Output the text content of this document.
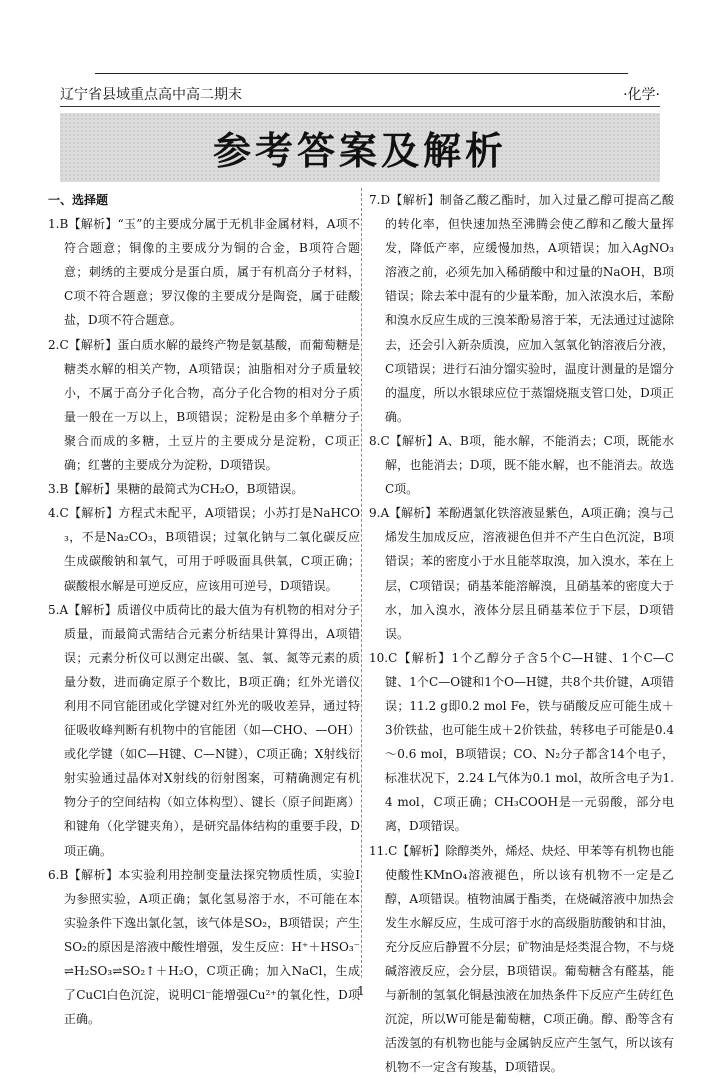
辽宁省县域重点高中高二期末	·化学·
参考答案及解析
一、选择题

1.B【解析】“玉”的主要成分属于无机非金属材料，A项不符合题意；铜像的主要成分为铜的合金，B项符合题意；刺绣的主要成分是蛋白质，属于有机高分子材料，C项不符合题意；罗汉像的主要成分是陶瓷，属于硅酸盐，D项不符合题意。

2.C【解析】蛋白质水解的最终产物是氨基酸，而葡萄糖是糖类水解的相关产物，A项错误；油脂相对分子质量较小，不属于高分子化合物，高分子化合物的相对分子质量一般在一万以上，B项错误；淀粉是由多个单糖分子聚合而成的多糖，土豆片的主要成分是淀粉，C项正确；红薯的主要成分为淀粉，D项错误。

3.B【解析】果糖的最简式为CH₂O，B项错误。

4.C【解析】方程式未配平，A项错误；小苏打是NaHCO₃，不是Na₂CO₃，B项错误；过氧化钠与二氧化碳反应生成碳酸钠和氧气，可用于呼吸面具供氧，C项正确；碳酸根水解是可逆反应，应该用可逆号，D项错误。

5.A【解析】质谱仪中质荷比的最大值为有机物的相对分子质量，而最简式需结合元素分析结果计算得出，A项错误；元素分析仪可以测定出碳、氢、氧、氮等元素的质量分数，进而确定原子个数比，B项正确；红外光谱仪利用不同官能团或化学键对红外光的吸收差异，通过特征吸收峰判断有机物中的官能团（如—CHO、—OH）或化学键（如C—H键、C—N键），C项正确；X射线衍射实验通过晶体对X射线的衍射图案，可精确测定有机物分子的空间结构（如立体构型）、键长（原子间距离）和键角（化学键夹角），是研究晶体结构的重要手段，D项正确。

6.B【解析】本实验利用控制变量法探究物质性质，实验Ⅰ为参照实验，A项正确；氯化氢易溶于水，不可能在本实验条件下逸出氯化氢，该气体是SO₂，B项错误；产生SO₂的原因是溶液中酸性增强，发生反应：H⁺＋HSO₃⁻⇌H₂SO₃⇌SO₂↑＋H₂O，C项正确；加入NaCl，生成了CuCl白色沉淀，说明Cl⁻能增强Cu²⁺的氧化性，D项正确。

7.D【解析】制备乙酸乙酯时，加入过量乙醇可提高乙酸的转化率，但快速加热至沸腾会使乙醇和乙酸大量挥发，降低产率，应缓慢加热，A项错误；加入AgNO₃溶液之前，必须先加入稀硝酸中和过量的NaOH，B项错误；除去苯中混有的少量苯酚，加入浓溴水后，苯酚和溴水反应生成的三溴苯酚易溶于苯，无法通过过滤除去，还会引入新杂质溴，应加入氢氧化钠溶液后分液，C项错误；进行石油分馏实验时，温度计测量的是馏分的温度，所以水银球应位于蒸馏烧瓶支管口处，D项正确。

8.C【解析】A、B项，能水解，不能消去；C项，既能水解，也能消去；D项，既不能水解，也不能消去。故选C项。

9.A【解析】苯酚遇氯化铁溶液显紫色，A项正确；溴与己烯发生加成反应，溶液褪色但并不产生白色沉淀，B项错误；苯的密度小于水且能萃取溴，加入溴水，苯在上层，C项错误；硝基苯能溶解溴，且硝基苯的密度大于水，加入溴水，液体分层且硝基苯位于下层，D项错误。

10.C【解析】1个乙醇分子含5个C—H键、1个C—C键、1个C—O键和1个O—H键，共8个共价键，A项错误；11.2 g即0.2 mol Fe，铁与硝酸反应可能生成＋3价铁盐，也可能生成＋2价铁盐，转移电子可能是0.4～0.6 mol，B项错误；CO、N₂分子都含14个电子，标准状况下，2.24 L气体为0.1 mol，故所含电子为1.4 mol，C项正确；CH₃COOH是一元弱酸，部分电离，D项错误。

11.C【解析】除醇类外，烯烃、炔烃、甲苯等有机物也能使酸性KMnO₄溶液褪色，所以该有机物不一定是乙醇，A项错误。植物油属于酯类，在烧碱溶液中加热会发生水解反应，生成可溶于水的高级脂肪酸钠和甘油，充分反应后静置不分层；矿物油是烃类混合物，不与烧碱溶液反应，会分层，B项错误。葡萄糖含有醛基，能与新制的氢氧化铜悬浊液在加热条件下反应产生砖红色沉淀，所以W可能是葡萄糖，C项正确。醇、酚等含有活泼氢的有机物也能与金属钠反应产生氢气，所以该有机物不一定含有羧基，D项错误。

1
